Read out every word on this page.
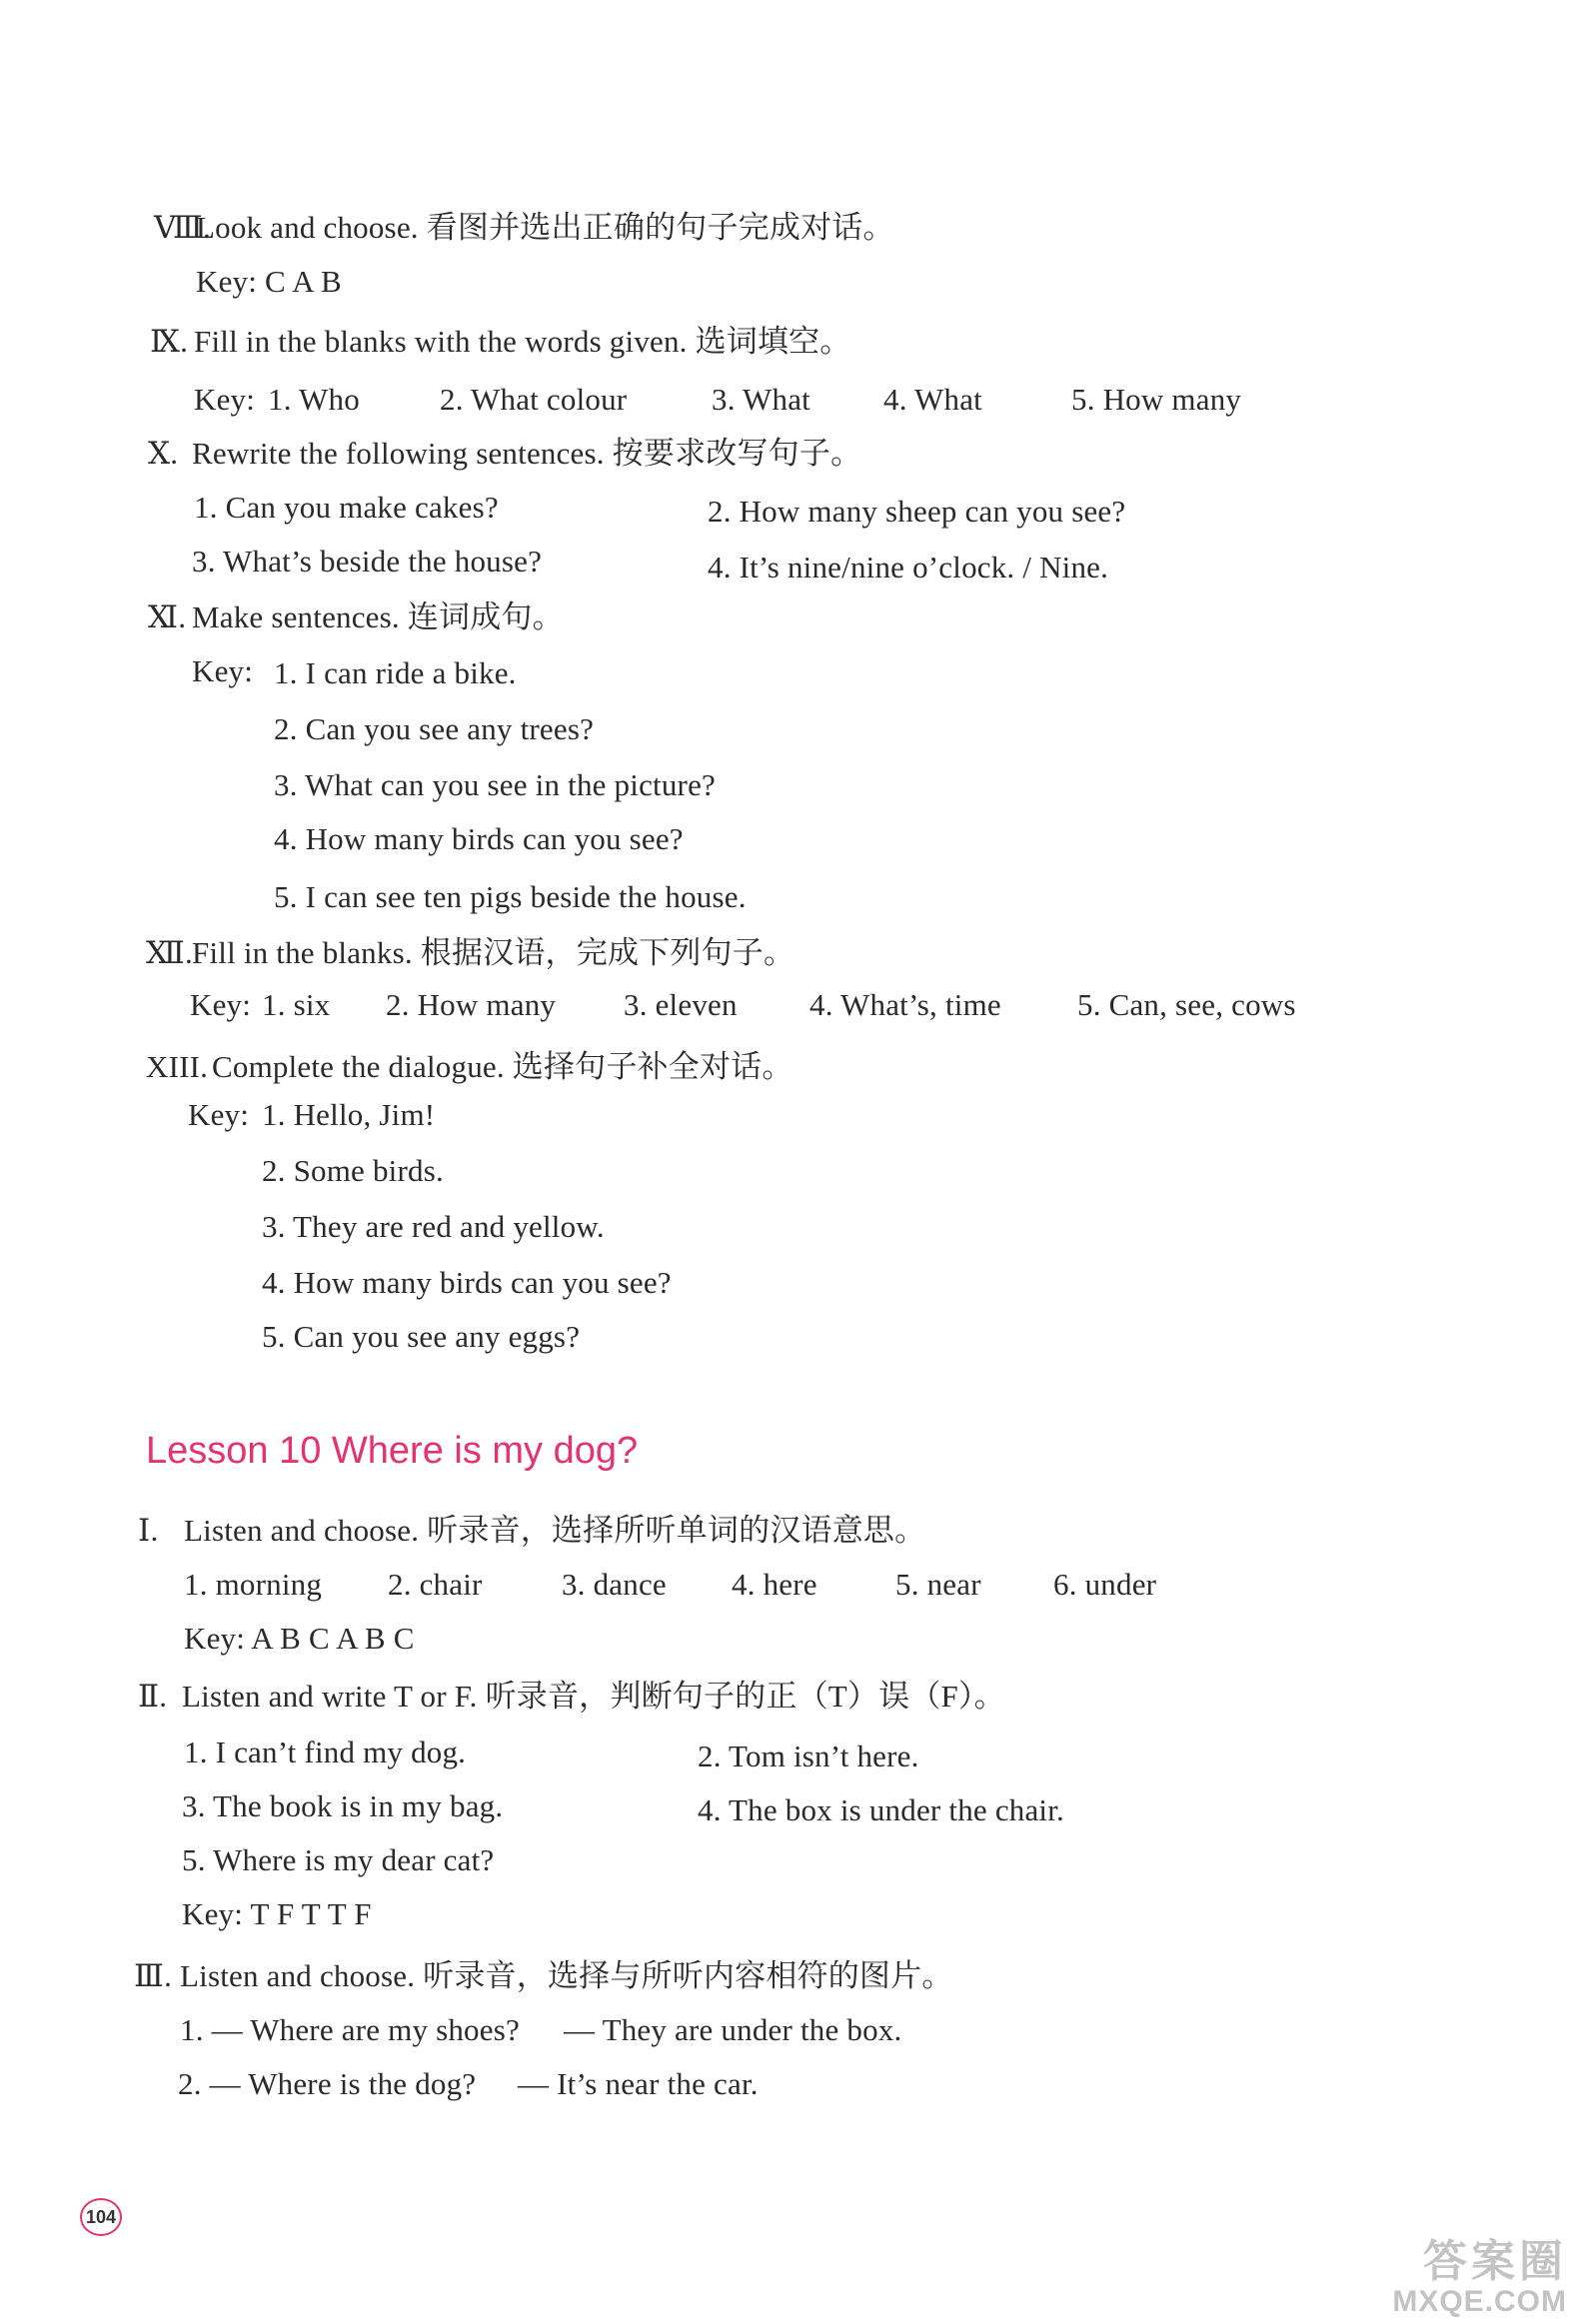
Ⅷ.
Look and choose. 看图并选出正确的句子完成对话。
Key: C A B
Ⅸ. Fill in the blanks with the words given. 选词填空。
Key: 1. Who	2. What colour	3. What 4. What	5. How many
Ⅹ. Rewrite the following sentences. 按要求改写句子。
1. Can you make cakes?	2. How many sheep can you see?
3. What’s beside the house?	4. It’s nine/nine o’clock. / Nine.
Ⅺ. Make sentences. 连词成句。
Key: 1. I can ride a bike.
2. Can you see any trees?
3. What can you see in the picture?
4. How many birds can you see?
5. I can see ten pigs beside the house.
Ⅻ.
Fill in the blanks. 根据汉语，完成下列句子。
Key: 1. six 2. How many 3. eleven 4. What’s, time 5. Can, see, cows
XIII. Complete the dialogue. 选择句子补全对话。
Key: 1. Hello, Jim!
2. Some birds.
3. They are red and yellow.
4. How many birds can you see?
5. Can you see any eggs?
Lesson 10 Where is my dog?
Ⅰ. Listen and choose. 听录音，选择所听单词的汉语意思。
1. morning 2. chair	3. dance 4. here	5. near 6. under
Key: A B C A B C
Ⅱ. Listen and write T or F. 听录音，判断句子的正（T）误（F）。
1. I can’t find my dog.	2. Tom isn’t here.
3. The book is in my bag.	4. The box is under the chair.
5. Where is my dear cat?
Key: T F T T F
Ⅲ. Listen and choose. 听录音，选择与所听内容相符的图片。
1. — Where are my shoes? — They are under the box.
2. — Where is the dog? — It’s near the car.
104
答案圈
MXQE.COM
